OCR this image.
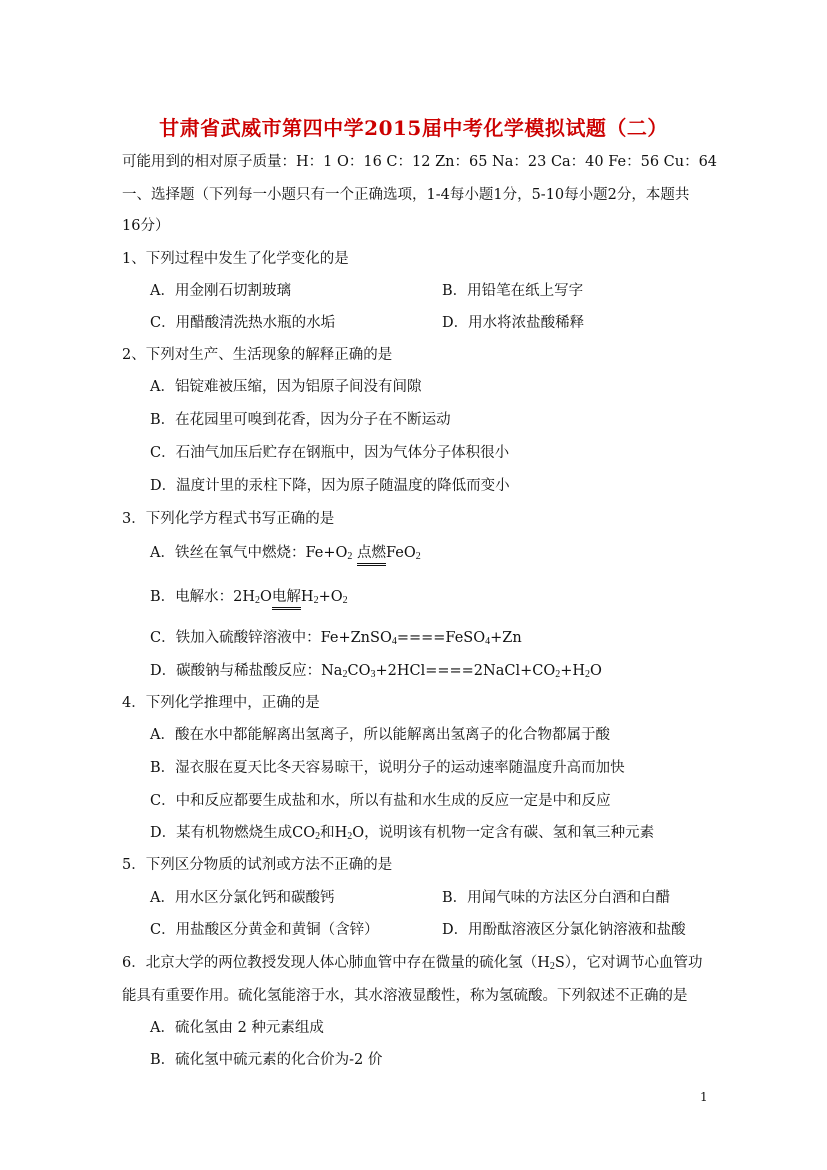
甘肃省武威市第四中学2015届中考化学模拟试题（二）
可能用到的相对原子质量：H：1 O：16 C：12 Zn：65 Na：23 Ca：40 Fe：56 Cu：64
一、选择题（下列每一小题只有一个正确选项，1-4每小题1分，5-10每小题2分，本题共
16分）
1、下列过程中发生了化学变化的是
A．用金刚石切割玻璃	B．用铅笔在纸上写字
C．用醋酸清洗热水瓶的水垢	D．用水将浓盐酸稀释
2、下列对生产、生活现象的解释正确的是
A．铝锭难被压缩，因为铝原子间没有间隙
B．在花园里可嗅到花香，因为分子在不断运动
C．石油气加压后贮存在钢瓶中，因为气体分子体积很小
D．温度计里的汞柱下降，因为原子随温度的降低而变小
3．下列化学方程式书写正确的是
A．铁丝在氧气中燃烧：Fe+O2 点燃FeO2
B．电解水：2H2O电解H2+O2
C．铁加入硫酸锌溶液中：Fe+ZnSO4====FeSO4+Zn
D．碳酸钠与稀盐酸反应：Na2CO3+2HCl====2NaCl+CO2+H2O
4．下列化学推理中，正确的是
A．酸在水中都能解离出氢离子，所以能解离出氢离子的化合物都属于酸
B．湿衣服在夏天比冬天容易晾干，说明分子的运动速率随温度升高而加快
C．中和反应都要生成盐和水，所以有盐和水生成的反应一定是中和反应
D．某有机物燃烧生成CO2和H2O，说明该有机物一定含有碳、氢和氧三种元素
5．下列区分物质的试剂或方法不正确的是
A．用水区分氯化钙和碳酸钙	B．用闻气味的方法区分白酒和白醋
C．用盐酸区分黄金和黄铜（含锌）	D．用酚酞溶液区分氯化钠溶液和盐酸
6．北京大学的两位教授发现人体心肺血管中存在微量的硫化氢（H2S），它对调节心血管功
能具有重要作用。硫化氢能溶于水，其水溶液显酸性，称为氢硫酸。下列叙述不正确的是
A．硫化氢由 2 种元素组成
B．硫化氢中硫元素的化合价为-2 价
1
